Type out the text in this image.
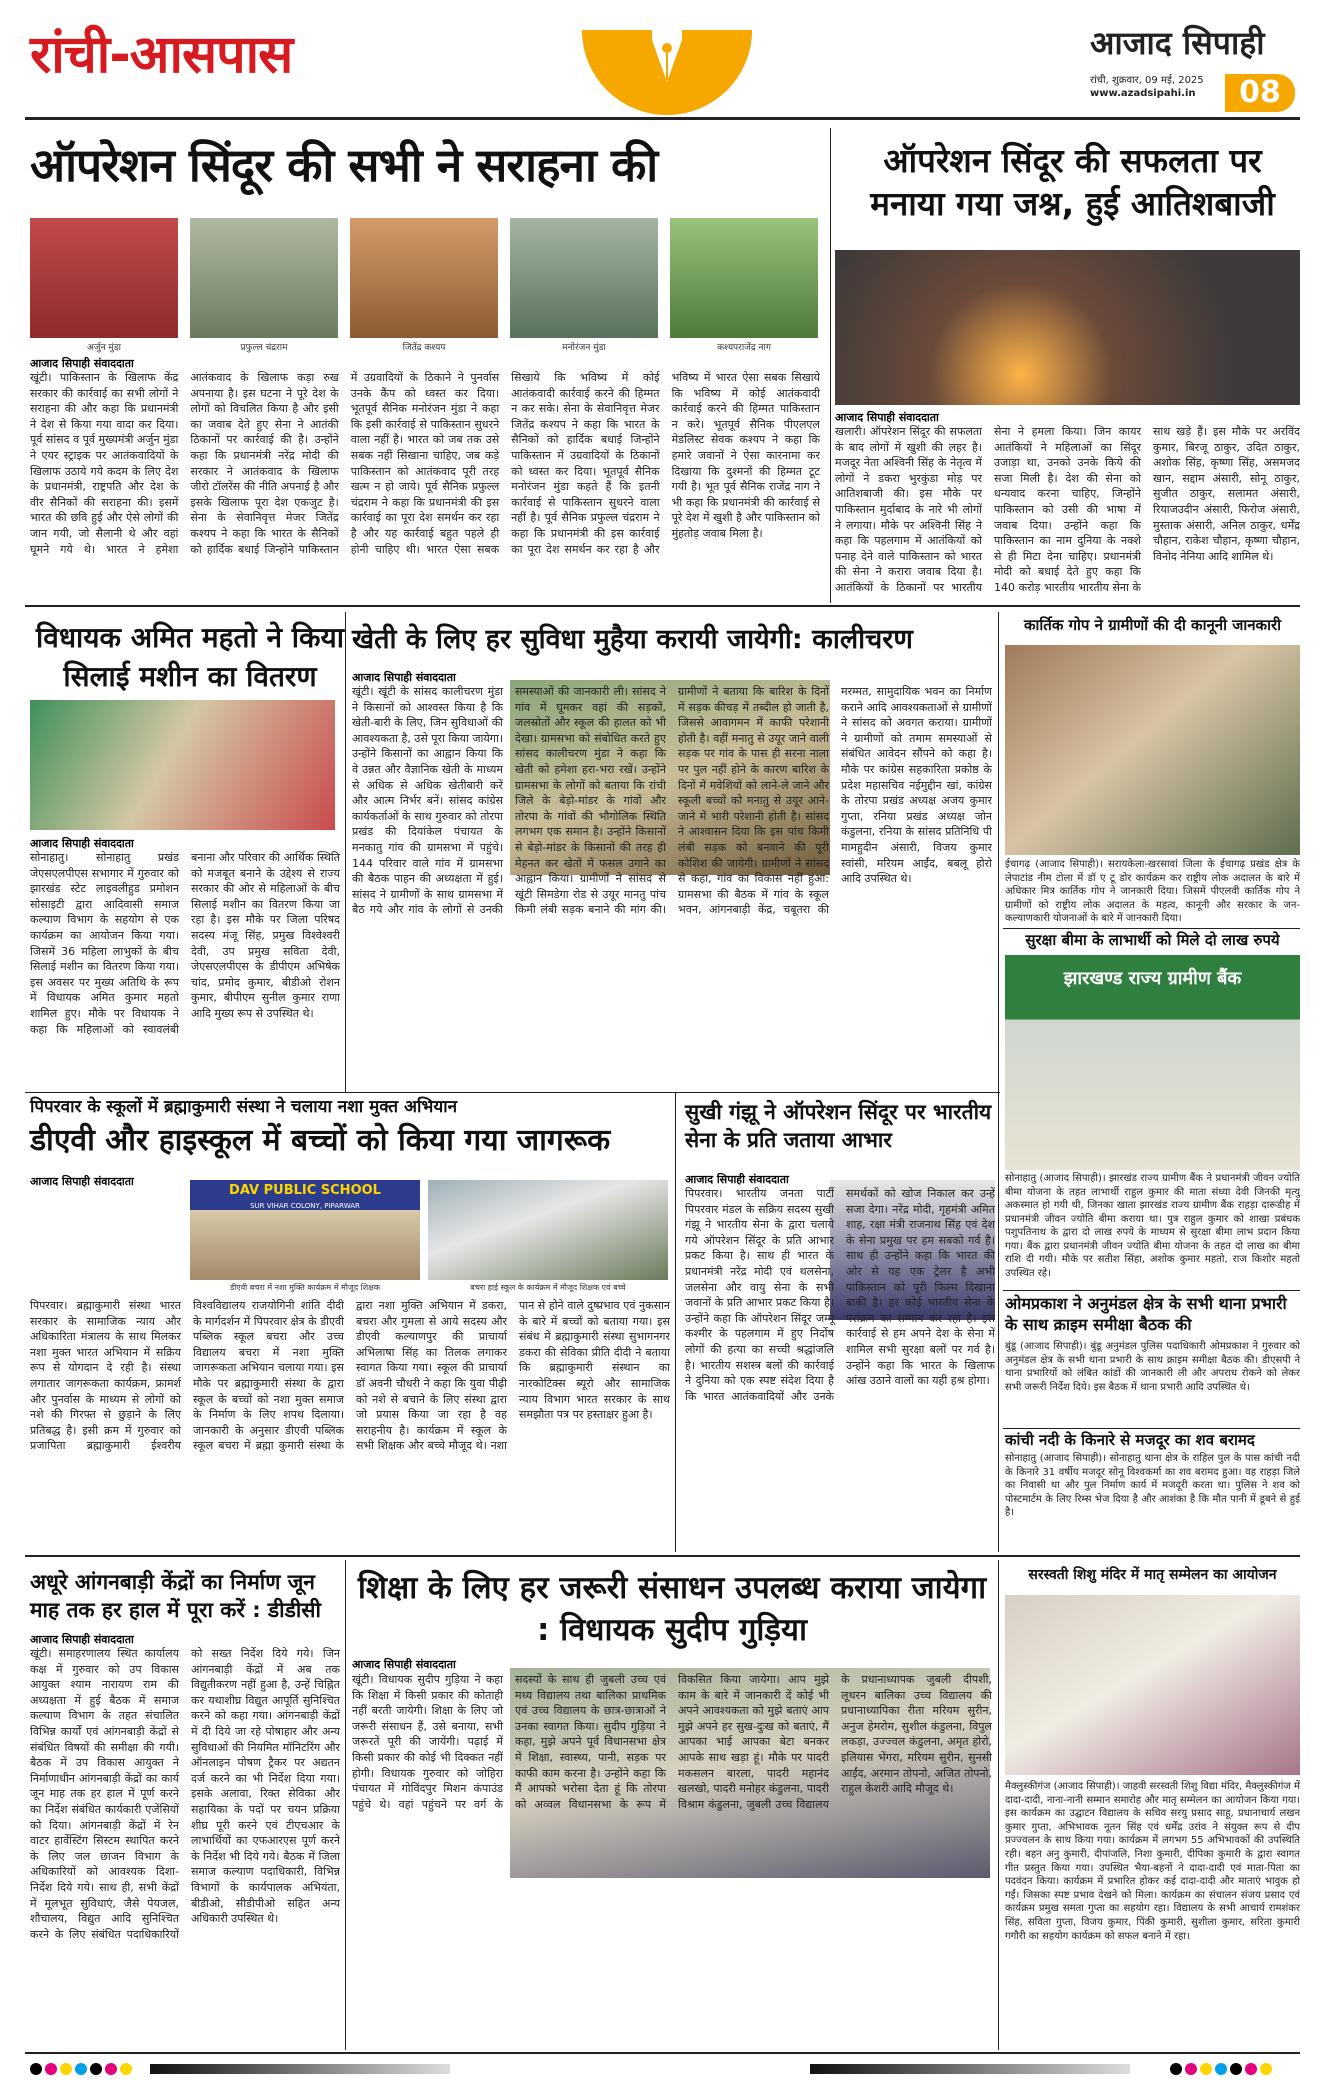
रांची-आसपास	आजाद सिपाही
रांची, शुक्रवार, 09 मई, 2025
www.azadsipahi.in	08
ऑपरेशन सिंदूर की सभी ने सराहना की
अर्जुन मुंडा	प्रफुल्ल चंद्रराम	जितेंद्र कश्यप	मनोरंजन मुंडा	कश्यपराजेंद्र नाग
आजाद सिपाही संवाददाता
खूंटी। पाकिस्तान के खिलाफ केंद्र सरकार की कार्रवाई का सभी लोगों ने सराहना की और कहा कि प्रधानमंत्री ने देश से किया गया वादा कर दिया। पूर्व सांसद व पूर्व मुख्यमंत्री अर्जुन मुंडा ने एयर स्ट्राइक पर आतंकवादियों के खिलाफ उठाये गये कदम के लिए देश के प्रधानमंत्री, राष्ट्रपति और देश के वीर सैनिकों की सराहना की। इसमें भारत की छवि हुई और ऐसे लोगों की जान गयी, जो सैलानी थे और वहां घूमने गये थे। भारत ने हमेशा आतंकवाद के खिलाफ कड़ा रुख अपनाया है। इस घटना ने पूरे देश के लोगों को विचलित किया है और इसी का जवाब देते हुए सेना ने आतंकी ठिकानों पर कार्रवाई की है। उन्होंने कहा कि प्रधानमंत्री नरेंद्र मोदी की सरकार ने आतंकवाद के खिलाफ जीरो टॉलरेंस की नीति अपनाई है और इसके खिलाफ पूरा देश एकजुट है। सेना के सेवानिवृत्त मेजर जितेंद्र कश्यप ने कहा कि भारत के सैनिकों को हार्दिक बधाई जिन्होंने पाकिस्तान में उग्रवादियों के ठिकाने ने पुनर्वास उनके कैंप को ध्वस्त कर दिया। भूतपूर्व सैनिक मनोरंजन मुंडा ने कहा कि इसी कार्रवाई से पाकिस्तान सुधरने वाला नहीं है। भारत को जब तक उसे सबक नहीं सिखाना चाहिए, जब कड़े पाकिस्तान को आतंकवाद पूरी तरह खत्म न हो जाये। पूर्व सैनिक प्रफुल्ल चंद्रराम ने कहा कि प्रधानमंत्री की इस कार्रवाई का पूरा देश समर्थन कर रहा है और यह कार्रवाई बहुत पहले ही होनी चाहिए थी। भारत ऐसा सबक सिखाये कि भविष्य में कोई आतंकवादी कार्रवाई करने की हिम्मत न कर सके। सेना के सेवानिवृत्त मेजर जितेंद्र कश्यप ने कहा कि भारत के सैनिकों को हार्दिक बधाई जिन्होंने पाकिस्तान में उग्रवादियों के ठिकानों को ध्वस्त कर दिया। भूतपूर्व सैनिक मनोरंजन मुंडा कहते हैं कि इतनी कार्रवाई से पाकिस्तान सुधरने वाला नहीं है। पूर्व सैनिक प्रफुल्ल चंद्रराम ने कहा कि प्रधानमंत्री की इस कार्रवाई का पूरा देश समर्थन कर रहा है और भविष्य में भारत ऐसा सबक सिखाये कि भविष्य में कोई आतंकवादी कार्रवाई करने की हिम्मत पाकिस्तान न करे। भूतपूर्व सैनिक पीएलएल मेडलिस्ट सेवक कश्यप ने कहा कि हमारे जवानों ने ऐसा कारनामा कर दिखाया कि दुश्मनों की हिम्मत टूट गयी है। भूत पूर्व सैनिक राजेंद्र नाग ने भी कहा कि प्रधानमंत्री की कार्रवाई से पूरे देश में खुशी है और पाकिस्तान को मुंहतोड़ जवाब मिला है।
ऑपरेशन सिंदूर की सफलता पर मनाया गया जश्न, हुई आतिशबाजी
आजाद सिपाही संवाददाता
खलारी। ऑपरेशन सिंदूर की सफलता के बाद लोगों में खुशी की लहर है। मजदूर नेता अश्विनी सिंह के नेतृत्व में लोगों ने डकरा भुरकुंडा मोड़ पर आतिशबाजी की। इस मौके पर पाकिस्तान मुर्दाबाद के नारे भी लोगों ने लगाया। मौके पर अश्विनी सिंह ने कहा कि पहलगाम में आतंकियों को पनाह देने वाले पाकिस्तान को भारत की सेना ने करारा जवाब दिया है। आतंकियों के ठिकानों पर भारतीय सेना ने हमला किया। जिन कायर आतंकियों ने महिलाओं का सिंदूर उजाड़ा था, उनको उनके किये की सजा मिली है। देश की सेना को धन्यवाद करना चाहिए, जिन्होंने पाकिस्तान को उसी की भाषा में जवाब दिया। उन्होंने कहा कि पाकिस्तान का नाम दुनिया के नक्शे से ही मिटा देना चाहिए। प्रधानमंत्री मोदी को बधाई देते हुए कहा कि 140 करोड़ भारतीय भारतीय सेना के साथ खड़े हैं। इस मौके पर अरविंद कुमार, बिरजू ठाकुर, उदित ठाकुर, अशोक सिंह, कृष्णा सिंह, असमजद खान, सद्दाम अंसारी, सोनू ठाकुर, सुजीत ठाकुर, सलामत अंसारी, रियाजउदीन अंसारी, फिरोज अंसारी, मुस्ताक अंसारी, अनिल ठाकुर, धर्मेंद्र चौहान, राकेश चौहान, कृष्णा चौहान, विनोद नेनिया आदि शामिल थे।
विधायक अमित महतो ने किया सिलाई मशीन का वितरण
आजाद सिपाही संवाददाता
सोनाहातु। सोनाहातु प्रखंड जेएसएलपीएस सभागार में गुरुवार को झारखंड स्टेट लाइवलीहुड प्रमोशन सोसाइटी द्वारा आदिवासी समाज कल्याण विभाग के सहयोग से एक कार्यक्रम का आयोजन किया गया। जिसमें 36 महिला लाभुकों के बीच सिलाई मशीन का वितरण किया गया। इस अवसर पर मुख्य अतिथि के रूप में विधायक अमित कुमार महतो शामिल हुए। मौके पर विधायक ने कहा कि महिलाओं को स्वावलंबी बनाना और परिवार की आर्थिक स्थिति को मजबूत बनाने के उद्देश्य से राज्य सरकार की ओर से महिलाओं के बीच सिलाई मशीन का वितरण किया जा रहा है। इस मौके पर जिला परिषद सदस्य मंजू सिंह, प्रमुख विश्वेश्वरी देवी, उप प्रमुख सविता देवी, जेएसएलपीएस के डीपीएम अभिषेक चांद, प्रमोद कुमार, बीडीओ रोशन कुमार, बीपीएम सुनील कुमार राणा आदि मुख्य रूप से उपस्थित थे।
खेती के लिए हर सुविधा मुहैया करायी जायेगी: कालीचरण
आजाद सिपाही संवाददाता
खूंटी। खूंटी के सांसद कालीचरण मुंडा ने किसानों को आश्वस्त किया है कि खेती-बारी के लिए, जिन सुविधाओं की आवश्यकता है, उसे पूरा किया जायेगा। उन्होंने किसानों का आह्वान किया कि वे उन्नत और वैज्ञानिक खेती के माध्यम से अधिक से अधिक खेतीबारी करें और आत्म निर्भर बनें। सांसद कांग्रेस कार्यकर्ताओं के साथ गुरुवार को तोरपा प्रखंड की दियांकेल पंचायत के मनकातु गांव की ग्रामसभा में पहुंचे। 144 परिवार वाले गांव में ग्रामसभा की बैठक पाहन की अध्यक्षता में हुई। सांसद ने ग्रामीणों के साथ ग्रामसभा में बैठ गये और गांव के लोगों से उनकी समस्याओं की जानकारी ली। सांसद ने गांव में घूमकर वहां की सड़कों, जलस्रोतों और स्कूल की हालत को भी देखा। ग्रामसभा को संबोधित करते हुए सांसद कालीचरण मुंडा ने कहा कि खेती को हमेशा हरा-भरा रखें। उन्होंने ग्रामसभा के लोगों को बताया कि रांची जिले के बेड़ो-मांडर के गांवों और तोरपा के गांवों की भौगोलिक स्थिति लगभग एक समान है। उन्होंने किसानों से बेड़ो-मांडर के किसानों की तरह ही मेहनत कर खेतों में फसल उगाने का आह्वान किया। ग्रामीणों ने सांसद से खूंटी सिमडेगा रोड से उयूर मानतु पांच किमी लंबी सड़क बनाने की मांग की। ग्रामीणों ने बताया कि बारिश के दिनों में सड़क कीचड़ में तब्दील हो जाती है, जिससे आवागमन में काफी परेशानी होती है। वहीं मनातु से उयूर जाने वाली सड़क पर गांव के पास ही सरना नाला पर पुल नहीं होने के कारण बारिश के दिनों में मवेशियों को लाने-ले जाने और स्कूली बच्चों को मनातु से उयूर आने-जाने में भारी परेशानी होती है। सांसद ने आश्वासन दिया कि इस पांच किमी लंबी सड़क को बनवाने की पूरी कोशिश की जायेगी। ग्रामीणों ने सांसद से कहा, गांव का विकास नहीं हुआ: ग्रामसभा की बैठक में गांव के स्कूल भवन, आंगनबाड़ी केंद्र, चबूतरा की मरम्मत, सामुदायिक भवन का निर्माण कराने आदि आवश्यकताओं से ग्रामीणों ने सांसद को अवगत कराया। ग्रामीणों ने ग्रामीणों को तमाम समस्याओं से संबंधित आवेदन सौंपने को कहा है। मौके पर कांग्रेस सहकारिता प्रकोष्ठ के प्रदेश महासचिव नईमुद्दीन खां, कांग्रेस के तोरपा प्रखंड अध्यक्ष अजय कुमार गुप्ता, रनिया प्रखंड अध्यक्ष जोन कंडुलना, रनिया के सांसद प्रतिनिधि पी मामहुदीन अंसारी, विजय कुमार स्वांसी, मरियम आईंद, बबलू होरो आदि उपस्थित थे।
कार्तिक गोप ने ग्रामीणों की दी कानूनी जानकारी
ईचागढ़ (आजाद सिपाही)। सरायकेला-खरसावां जिला के ईचागढ़ प्रखंड क्षेत्र के लेपाटांड नीम टोला में डॉ ए टू डोर कार्यक्रम कर राष्ट्रीय लोक अदालत के बारे में अधिकार मित्र कार्तिक गोप ने जानकारी दिया। जिसमें पीएलवी कार्तिक गोप ने ग्रामीणों को राष्ट्रीय लोक अदालत के महत्व, कानूनी और सरकार के जन-कल्याणकारी योजनाओं के बारे में जानकारी दिया।
सुरक्षा बीमा के लाभार्थी को मिले दो लाख रुपये
झारखण्ड राज्य ग्रामीण बैंक
सोनाहातु (आजाद सिपाही)। झारखंड राज्य ग्रामीण बैंक ने प्रधानमंत्री जीवन ज्योति बीमा योजना के तहत लाभार्थी राहुल कुमार की माता संध्या देवी जिनकी मृत्यु अकस्मात हो गयी थी, जिनका खाता झारखंड राज्य ग्रामीण बैंक राहड़ा दारूडीह में प्रधानमंत्री जीवन ज्योति बीमा कराया था। पुत्र राहुल कुमार को शाखा प्रबंधक पशुपतिनाथ के द्वारा दो लाख रुपये के माध्यम से सुरक्षा बीमा लाभ प्रदान किया गया। बैंक द्वारा प्रधानमंत्री जीवन ज्योति बीमा योजना के तहत दो लाख का बीमा राशि दी गयी। मौके पर सतीश सिंहा, अशोक कुमार महतो, राज किशोर महतो उपस्थित रहे।
पिपरवार के स्कूलों में ब्रह्माकुमारी संस्था ने चलाया नशा मुक्त अभियान
डीएवी और हाइस्कूल में बच्चों को किया गया जागरूक
आजाद सिपाही संवाददाता
DAV PUBLIC SCHOOL
SUR VIHAR COLONY, PIPARWAR
डीएवी बचरा में नशा मुक्ति कार्यक्रम में मौजूद शिक्षक	बचरा हाई स्कूल के कार्यक्रम में मौजूद शिक्षक एवं बच्चे
पिपरवार। ब्रह्माकुमारी संस्था भारत सरकार के सामाजिक न्याय और अधिकारिता मंत्रालय के साथ मिलकर नशा मुक्त भारत अभियान में सक्रिय रूप से योगदान दे रही है। संस्था लगातार जागरूकता कार्यक्रम, फ्रामर्श और पुनर्वास के माध्यम से लोगों को नशे की गिरफ्त से छुड़ाने के लिए प्रतिबद्ध है। इसी क्रम में गुरुवार को प्रजापिता ब्रह्माकुमारी ईश्वरीय विश्वविद्यालय राजयोगिनी शांति दीदी के मार्गदर्शन में पिपरवार क्षेत्र के डीएवी पब्लिक स्कूल बचरा और उच्च विद्यालय बचरा में नशा मुक्ति जागरूकता अभियान चलाया गया। इस मौके पर ब्रह्माकुमारी संस्था के द्वारा स्कूल के बच्चों को नशा मुक्त समाज के निर्माण के लिए शपथ दिलाया। जानकारी के अनुसार डीएवी पब्लिक स्कूल बचरा में ब्रह्मा कुमारी संस्था के द्वारा नशा मुक्ति अभियान में डकरा, बचरा और गुमला से आये सदस्य और डीएवी कल्याणपुर की प्राचार्या अभिलाषा सिंह का तिलक लगाकर स्वागत किया गया। स्कूल की प्राचार्या डॉ अवनी चौधरी ने कहा कि युवा पीढ़ी को नशे से बचाने के लिए संस्था द्वारा जो प्रयास किया जा रहा है वह सराहनीय है। कार्यक्रम में स्कूल के सभी शिक्षक और बच्चे मौजूद थे। नशा पान से होने वाले दुष्प्रभाव एवं नुकसान के बारे में बच्चों को बताया गया। इस संबंध में ब्रह्माकुमारी संस्था सुभागनगर डकरा की सेविका प्रीति दीदी ने बताया कि ब्रह्माकुमारी संस्थान का नारकोटिक्स ब्यूरो और सामाजिक न्याय विभाग भारत सरकार के साथ समझौता पत्र पर हस्ताक्षर हुआ है।
सुखी गंझू ने ऑपरेशन सिंदूर पर भारतीय सेना के प्रति जताया आभार
आजाद सिपाही संवाददाता
पिपरवार। भारतीय जनता पार्टी पिपरवार मंडल के सक्रिय सदस्य सुखी गंझू ने भारतीय सेना के द्वारा चलाये गये ऑपरेशन सिंदूर के प्रति आभार प्रकट किया है। साथ ही भारत के प्रधानमंत्री नरेंद्र मोदी एवं थलसेना, जलसेना और वायु सेना के सभी जवानों के प्रति आभार प्रकट किया है। उन्होंने कहा कि ऑपरेशन सिंदूर जम्मू कश्मीर के पहलगाम में हुए निर्दोष लोगों की हत्या का सच्ची श्रद्धांजलि है। भारतीय सशस्त्र बलों की कार्रवाई ने दुनिया को एक स्पष्ट संदेश दिया है कि भारत आतंकवादियों और उनके समर्थकों को खोज निकाल कर उन्हें सजा देगा। नरेंद्र मोदी, गृहमंत्री अमित शाह, रक्षा मंत्री राजनाथ सिंह एवं देश के सेना प्रमुख पर हम सबको गर्व है। साथ ही उन्होंने कहा कि भारत की ओर से यह एक ट्रेलर है अभी पाकिस्तान को पूरी फिल्म दिखाना बाकी है। हर कोई भारतीय सेना के पराक्रम का सम्मान कर रहा है। इस कार्रवाई से हम अपने देश के सेना में शामिल सभी सुरक्षा बलों पर गर्व है। उन्होंने कहा कि भारत के खिलाफ आंख उठाने वालों का यही हश्र होगा।
ओमप्रकाश ने अनुमंडल क्षेत्र के सभी थाना प्रभारी के साथ क्राइम समीक्षा बैठक की
बुंडू (आजाद सिपाही)। बुंडू अनुमंडल पुलिस पदाधिकारी ओमप्रकाश ने गुरुवार को अनुमंडल क्षेत्र के सभी थाना प्रभारी के साथ क्राइम समीक्षा बैठक की। डीएसपी ने थाना प्रभारियों को लंबित कांडों की जानकारी ली और अपराध रोकने को लेकर सभी जरूरी निर्देश दिये। इस बैठक में थाना प्रभारी आदि उपस्थित थे।
कांची नदी के किनारे से मजदूर का शव बरामद
सोनाहातु (आजाद सिपाही)। सोनाहातु थाना क्षेत्र के राहिल पुल के पास कांची नदी के किनारे 31 वर्षीय मजदूर सोनू विश्वकर्मा का शव बरामद हुआ। वह राहड़ा जिले का निवासी था और पुल निर्माण कार्य में मजदूरी करता था। पुलिस ने शव को पोस्टमार्टम के लिए रिम्स भेज दिया है और आशंका है कि मौत पानी में डूबने से हुई है।
अधूरे आंगनबाड़ी केंद्रों का निर्माण जून माह तक हर हाल में पूरा करें : डीडीसी
आजाद सिपाही संवाददाता
खूंटी। समाहरणालय स्थित कार्यालय कक्ष में गुरुवार को उप विकास आयुक्त श्याम नारायण राम की अध्यक्षता में हुई बैठक में समाज कल्याण विभाग के तहत संचालित विभिन्न कार्यों एवं आंगनबाड़ी केंद्रों से संबंधित विषयों की समीक्षा की गयी। बैठक में उप विकास आयुक्त ने निर्माणाधीन आंगनबाड़ी केंद्रों का कार्य जून माह तक हर हाल में पूर्ण करने का निर्देश संबंधित कार्यकारी एजेंसियों को दिया। आंगनबाड़ी केंद्रों में रेन वाटर हार्वेस्टिंग सिस्टम स्थापित करने के लिए जल छाजन विभाग के अधिकारियों को आवश्यक दिशा-निर्देश दिये गये। साथ ही, सभी केंद्रों में मूलभूत सुविधाएं, जैसे पेयजल, शौचालय, विद्युत आदि सुनिश्चित करने के लिए संबंधित पदाधिकारियों को सख्त निर्देश दिये गये। जिन आंगनबाड़ी केंद्रों में अब तक विद्युतीकरण नहीं हुआ है, उन्हें चिह्नित कर यथाशीघ्र विद्युत आपूर्ति सुनिश्चित करने को कहा गया। आंगनबाड़ी केंद्रों में दी दिये जा रहे पोषाहार और अन्य सुविधाओं की नियमित मॉनिटरिंग और ऑनलाइन पोषण ट्रैकर पर अद्यतन दर्ज करने का भी निर्देश दिया गया। इसके अलावा, रिक्त सेविका और सहायिका के पदों पर चयन प्रक्रिया शीघ्र पूरी करने एवं टीएचआर के लाभार्थियों का एफआरएस पूर्ण करने के निर्देश भी दिये गये। बैठक में जिला समाज कल्याण पदाधिकारी, विभिन्न विभागों के कार्यपालक अभियंता, बीडीओ, सीडीपीओ सहित अन्य अधिकारी उपस्थित थे।
शिक्षा के लिए हर जरूरी संसाधन उपलब्ध कराया जायेगा : विधायक सुदीप गुड़िया
आजाद सिपाही संवाददाता
खूंटी। विधायक सुदीप गुड़िया ने कहा कि शिक्षा में किसी प्रकार की कोताही नहीं बरती जायेगी। शिक्षा के लिए जो जरूरी संसाधन हैं, उसे बनाया, सभी जरूरतें पूरी की जायेंगी। पढ़ाई में किसी प्रकार की कोई भी दिक्कत नहीं होगी। विधायक गुरुवार को जोहिरा पंचायत में गोविंदपुर मिशन कंपाउंड पहुंचे थे। वहां पहुंचने पर वर्ग के सदस्यों के साथ ही जुबली उच्च एवं मध्य विद्यालय तथा बालिका प्राथमिक एवं उच्च विद्यालय के छात्र-छात्राओं ने उनका स्वागत किया। सुदीप गुड़िया ने कहा, मुझे अपने पूर्व विधानसभा क्षेत्र में शिक्षा, स्वास्थ्य, पानी, सड़क पर काफी काम करना है। उन्होंने कहा कि मैं आपको भरोसा देता हूं कि तोरपा को अव्वल विधानसभा के रूप में विकसित किया जायेगा। आप मुझे काम के बारे में जानकारी दें कोई भी अपने आवश्यकता को मुझे बताएं आप मुझे अपने हर सुख-दुःख को बताएं, मैं आपका भाई आपका बेटा बनकर आपके साथ खड़ा हूं। मौके पर पादरी मकसलन बारला, पादरी महानंद खलखो, पादरी मनोहर कंडुलना, पादरी विश्राम कंडुलना, जुबली उच्च विद्यालय के प्रधानाध्यापक जुबली दीपशी, लूथरन बालिका उच्च विद्यालय की प्रधानाध्यापिका रीता मरियम सुरीन, अनुज हेमरोम, सुशील कंडुलना, विपुल लकड़ा, उज्ज्वल कंडुलना, अमृत होरो, इलियास भेंगरा, मरियम सुरीन, सुनसी आईंद, अरमान तोपनो, अजित तोपनो, राहुल केशरी आदि मौजूद थे।
सरस्वती शिशु मंदिर में मातृ सम्मेलन का आयोजन
मैक्लुस्कीगंज (आजाद सिपाही)। जाहवी सरस्वती शिशु विद्या मंदिर, मैक्लुस्कीगंज में दादा-दादी, नाना-नानी सम्मान समारोह और मातृ सम्मेलन का आयोजन किया गया। इस कार्यक्रम का उद्घाटन विद्यालय के सचिव सरयु प्रसाद साहू, प्रधानाचार्य लखन कुमार गुप्ता, अभिभावक नूतन सिंह एवं धर्मेंद्र उरांव ने संयुक्त रूप से दीप प्रज्ज्वलन के साथ किया गया। कार्यक्रम में लगभग 55 अभिभावकों की उपस्थिति रही। बहन अनु कुमारी, दीपांजलि, निशा कुमारी, दीपिका कुमारी के द्वारा स्वागत गीत प्रस्तुत किया गया। उपस्थित भैया-बहनों ने दादा-दादी एवं माता-पिता का पदवंदन किया। कार्यक्रम में प्रभारित होकर कई दादा-दादी और माताएं भावुक हो गईं। जिसका स्पष्ट प्रभाव देखने को मिला। कार्यक्रम का संचालन संजय प्रसाद एवं कार्यक्रम प्रमुख समता गुप्ता का सहयोग रहा। विद्यालय के सभी आचार्य रामशंकर सिंह, सविता गुप्ता, विजय कुमार, पिंकी कुमारी, सुशीला कुमार, सरिता कुमारी गगौरी का सहयोग कार्यक्रम को सफल बनाने में रहा।
